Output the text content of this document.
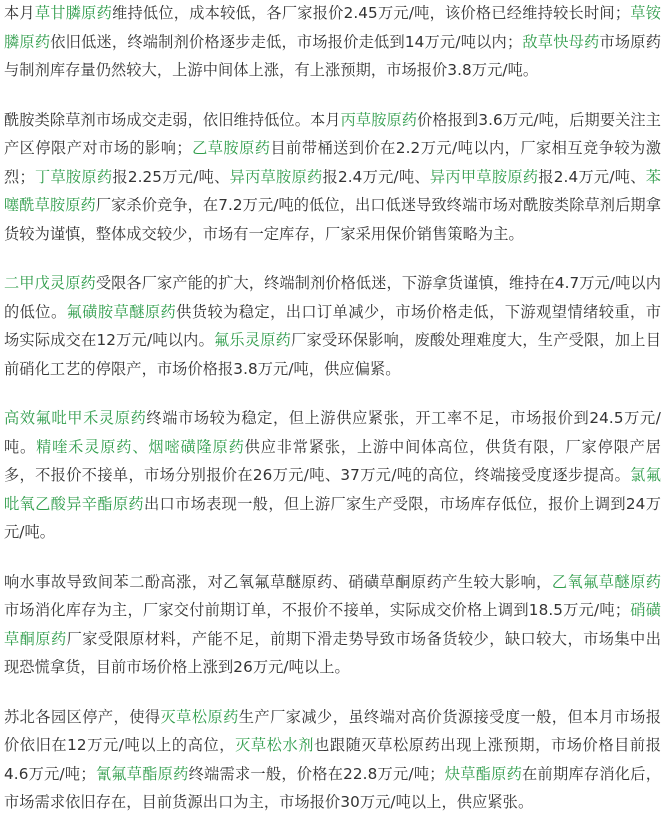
本月草甘膦原药维持低位，成本较低，各厂家报价2.45万元/吨，该价格已经维持较长时间；草铵膦原药依旧低迷，终端制剂价格逐步走低，市场报价走低到14万元/吨以内；敌草快母药市场原药与制剂库存量仍然较大，上游中间体上涨，有上涨预期，市场报价3.8万元/吨。

酰胺类除草剂市场成交走弱，依旧维持低位。本月丙草胺原药价格报到3.6万元/吨，后期要关注主产区停限产对市场的影响；乙草胺原药目前带桶送到价在2.2万元/吨以内，厂家相互竞争较为激烈；丁草胺原药报2.25万元/吨、异丙草胺原药报2.4万元/吨、异丙甲草胺原药报2.4万元/吨、苯噻酰草胺原药厂家杀价竞争，在7.2万元/吨的低位，出口低迷导致终端市场对酰胺类除草剂后期拿货较为谨慎，整体成交较少，市场有一定库存，厂家采用保价销售策略为主。

二甲戊灵原药受限各厂家产能的扩大，终端制剂价格低迷，下游拿货谨慎，维持在4.7万元/吨以内的低位。氟磺胺草醚原药供货较为稳定，出口订单减少，市场价格走低，下游观望情绪较重，市场实际成交在12万元/吨以内。氟乐灵原药厂家受环保影响，废酸处理难度大，生产受限，加上目前硝化工艺的停限产，市场价格报3.8万元/吨，供应偏紧。

高效氟吡甲禾灵原药终端市场较为稳定，但上游供应紧张，开工率不足，市场报价到24.5万元/吨。精喹禾灵原药、烟嘧磺隆原药供应非常紧张，上游中间体高位，供货有限，厂家停限产居多，不报价不接单，市场分别报价在26万元/吨、37万元/吨的高位，终端接受度逐步提高。氯氟吡氧乙酸异辛酯原药出口市场表现一般，但上游厂家生产受限，市场库存低位，报价上调到24万元/吨。

响水事故导致间苯二酚高涨，对乙氧氟草醚原药、硝磺草酮原药产生较大影响，乙氧氟草醚原药市场消化库存为主，厂家交付前期订单，不报价不接单，实际成交价格上调到18.5万元/吨；硝磺草酮原药厂家受限原材料，产能不足，前期下滑走势导致市场备货较少，缺口较大，市场集中出现恐慌拿货，目前市场价格上涨到26万元/吨以上。

苏北各园区停产，使得灭草松原药生产厂家减少，虽终端对高价货源接受度一般，但本月市场报价依旧在12万元/吨以上的高位，灭草松水剂也跟随灭草松原药出现上涨预期，市场价格目前报4.6万元/吨；氰氟草酯原药终端需求一般，价格在22.8万元/吨；炔草酯原药在前期库存消化后，市场需求依旧存在，目前货源出口为主，市场报价30万元/吨以上，供应紧张。
